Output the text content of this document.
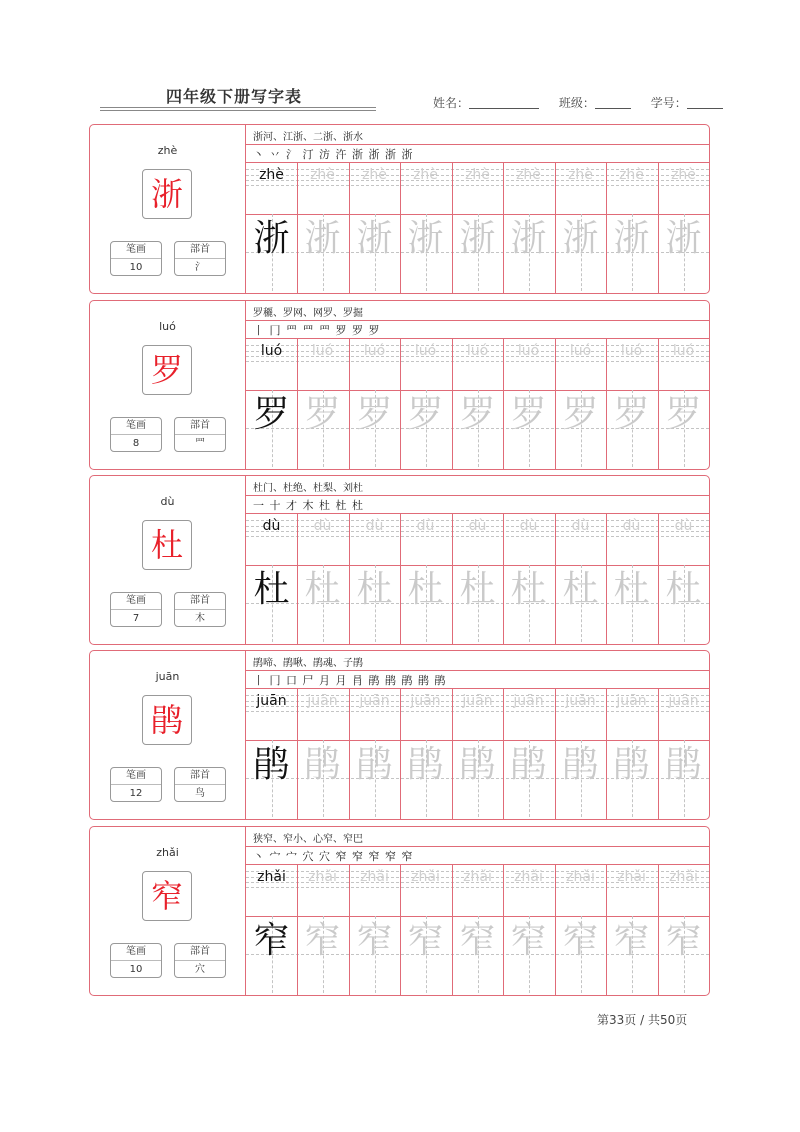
四年级下册写字表	姓名：	班级：	学号：
zhè
浙
笔画
10
部首
氵
浙河、江浙、二浙、浙水
丶 丷 氵 汀 汸 汻 浙 浙 浙 浙
zhè
浙
zhè
浙
zhè
浙
zhè
浙
zhè
浙
zhè
浙
zhè
浙
zhè
浙
zhè
浙
luó
罗
笔画
8
部首
罒
罗穲、罗网、网罗、罗掘
丨 冂 罒 罒 罒 罗 罗 罗
luó
罗
luó
罗
luó
罗
luó
罗
luó
罗
luó
罗
luó
罗
luó
罗
luó
罗
dù
杜
笔画
7
部首
木
杜门、杜绝、杜梨、刘杜
一 十 才 木 杜 杜 杜
dù
杜
dù
杜
dù
杜
dù
杜
dù
杜
dù
杜
dù
杜
dù
杜
dù
杜
juān
鹃
笔画
12
部首
鸟
鹃啼、鹃啾、鹃魂、子鹃
丨 冂 口 尸 月 月 肙 鹃 鹃 鹃 鹃 鹃
juān
鹃
juān
鹃
juān
鹃
juān
鹃
juān
鹃
juān
鹃
juān
鹃
juān
鹃
juān
鹃
zhǎi
窄
笔画
10
部首
穴
狭窄、窄小、心窄、窄巴
丶 宀 宀 穴 穴 窄 窄 窄 窄 窄
zhǎi
窄
zhǎi
窄
zhǎi
窄
zhǎi
窄
zhǎi
窄
zhǎi
窄
zhǎi
窄
zhǎi
窄
zhǎi
窄
第33页 / 共50页
